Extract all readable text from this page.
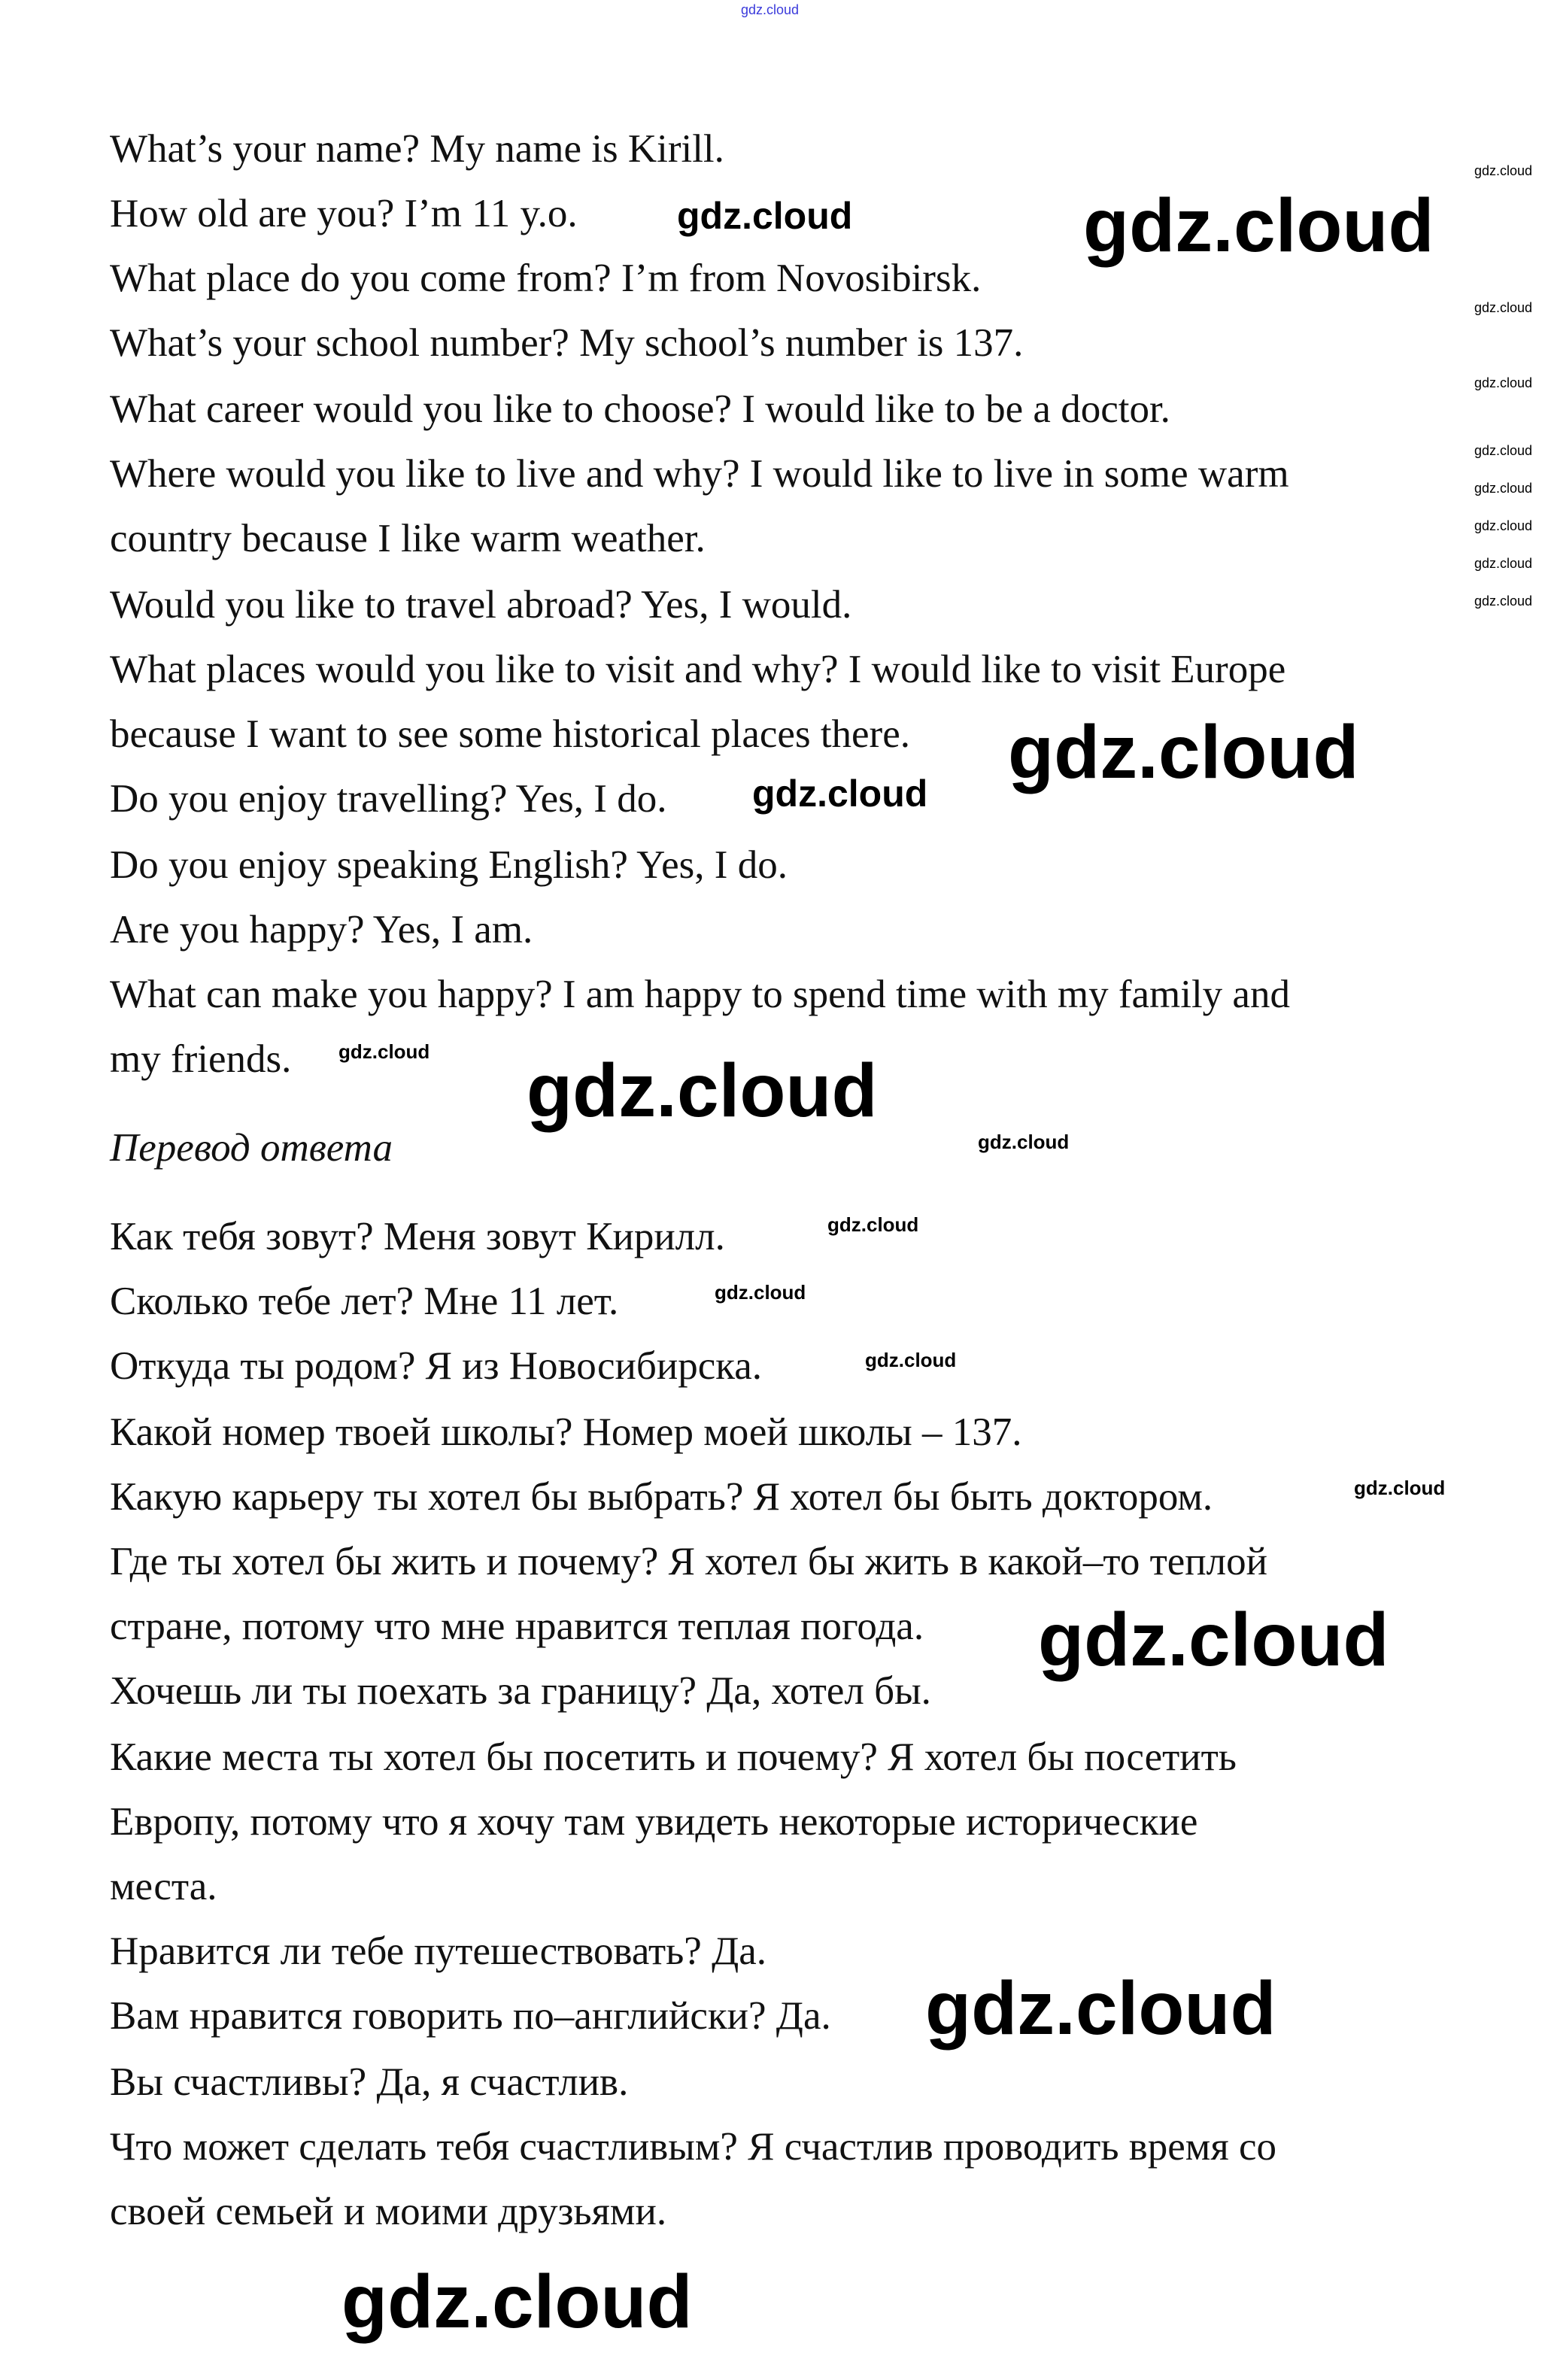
What’s your name? My name is Kirill.
How old are you? I’m 11 y.o.
What place do you come from? I’m from Novosibirsk.
What’s your school number? My school’s number is 137.
What career would you like to choose? I would like to be a doctor.
Where would you like to live and why? I would like to live in some warm
country because I like warm weather.
Would you like to travel abroad? Yes, I would.
What places would you like to visit and why? I would like to visit Europe
because I want to see some historical places there.
Do you enjoy travelling? Yes, I do.
Do you enjoy speaking English? Yes, I do.
Are you happy? Yes, I am.
What can make you happy? I am happy to spend time with my family and
my friends.
Перевод ответа
Как тебя зовут? Меня зовут Кирилл.
Сколько тебе лет? Мне 11 лет.
Откуда ты родом? Я из Новосибирска.
Какой номер твоей школы? Номер моей школы – 137.
Какую карьеру ты хотел бы выбрать? Я хотел бы быть доктором.
Где ты хотел бы жить и почему? Я хотел бы жить в какой–то теплой
стране, потому что мне нравится теплая погода.
Хочешь ли ты поехать за границу? Да, хотел бы.
Какие места ты хотел бы посетить и почему? Я хотел бы посетить
Европу, потому что я хочу там увидеть некоторые исторические
места.
Нравится ли тебе путешествовать? Да.
Вам нравится говорить по–английски? Да.
Вы счастливы? Да, я счастлив.
Что может сделать тебя счастливым? Я счастлив проводить время со
своей семьей и моими друзьями.
gdz.cloud
gdz.cloud
gdz.cloud
gdz.cloud
gdz.cloud
gdz.cloud
gdz.cloud
gdz.cloud
gdz.cloud
gdz.cloud
gdz.cloud
gdz.cloud
gdz.cloud
gdz.cloud
gdz.cloud
gdz.cloud
gdz.cloud
gdz.cloud
gdz.cloud
gdz.cloud
gdz.cloud
gdz.cloud
gdz.cloud
